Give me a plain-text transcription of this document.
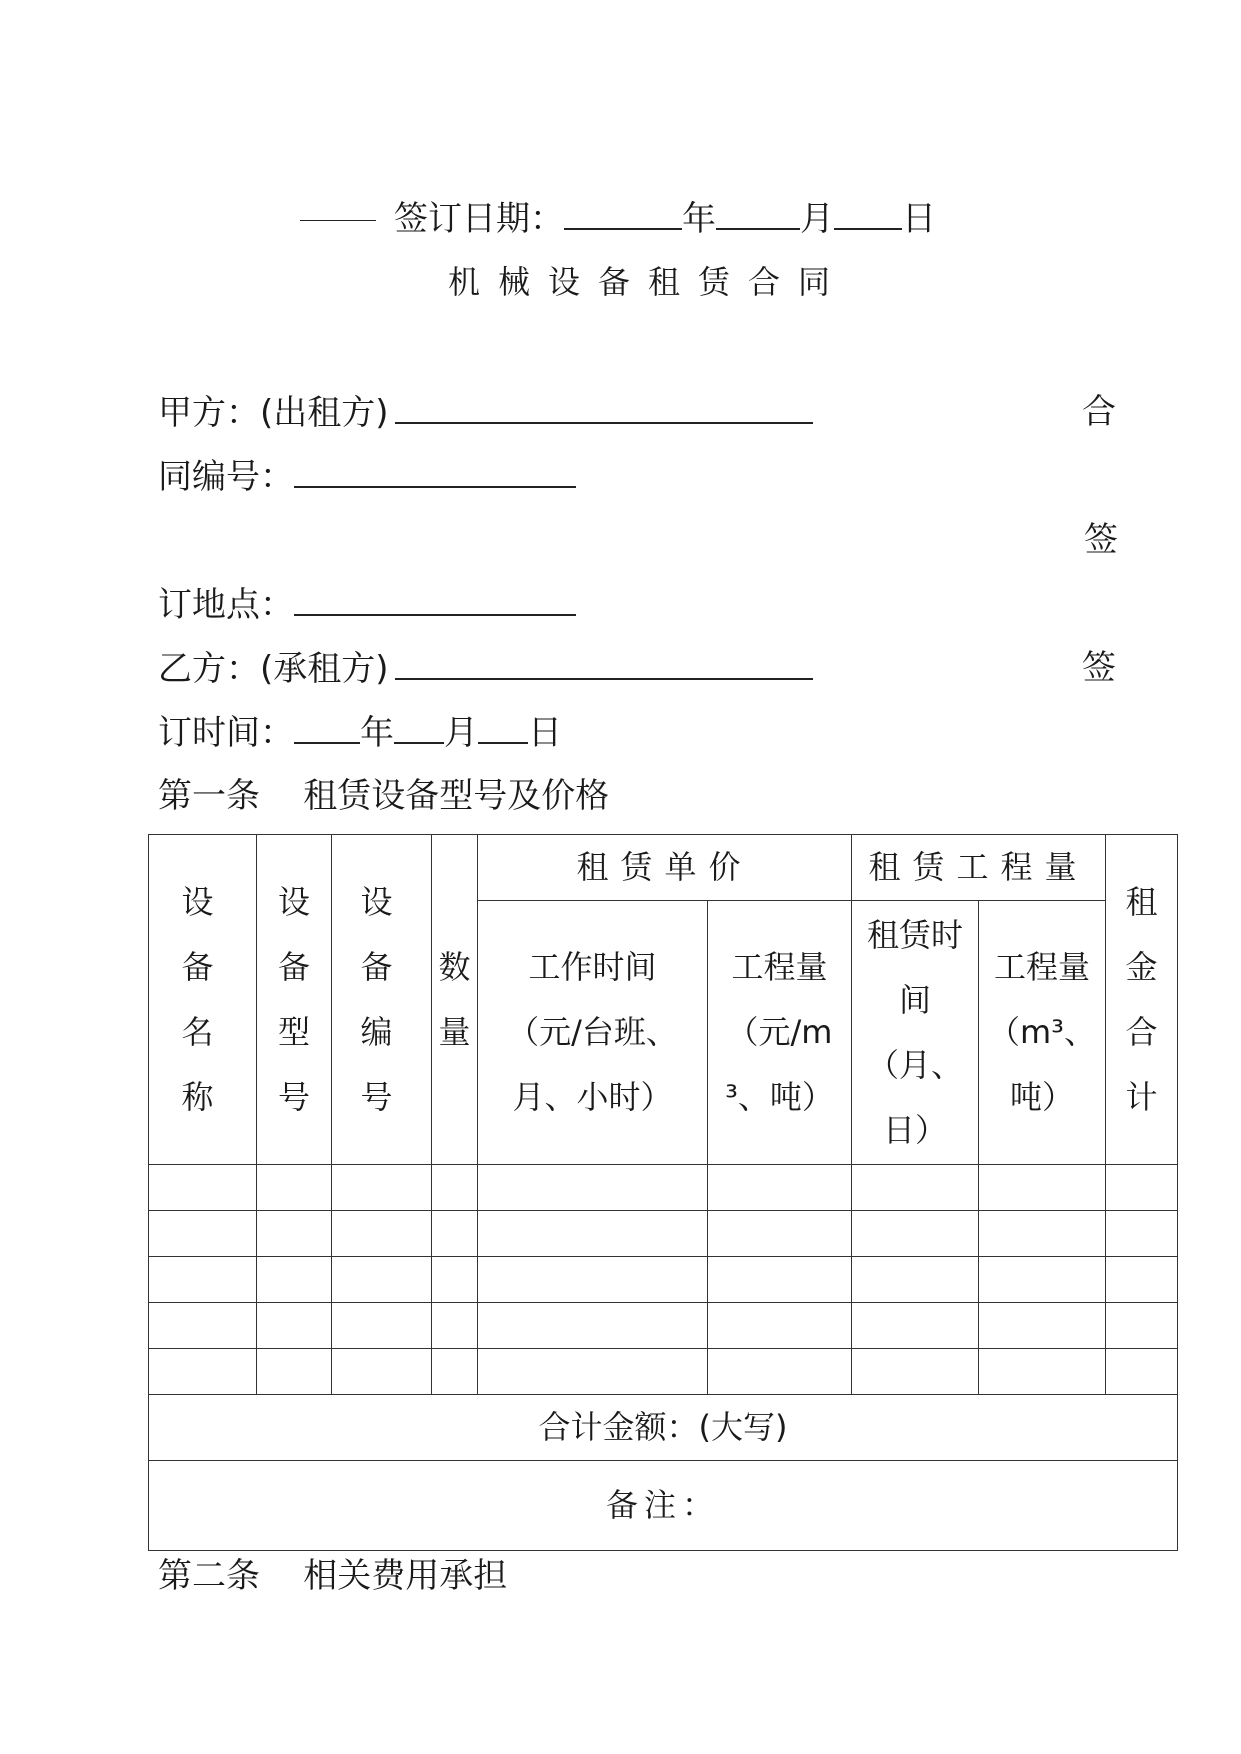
签订日期：	年 月 日
机械设备租赁合同
甲方：(出租方)	合
同编号：
签
订地点：
乙方：(承租方)	签
订时间： 年 月 日
第一条    租赁设备型号及价格
设备名称	设备型号	设备编号	数量	租赁单价		租赁工程量		租金合计
				工作时间（元/台班、月、小时）	工程量（元/m³、吨）	租赁时间（月、日）	工程量（m³、吨）	

合计金额：(大写)								
备注：								
第二条    相关费用承担
